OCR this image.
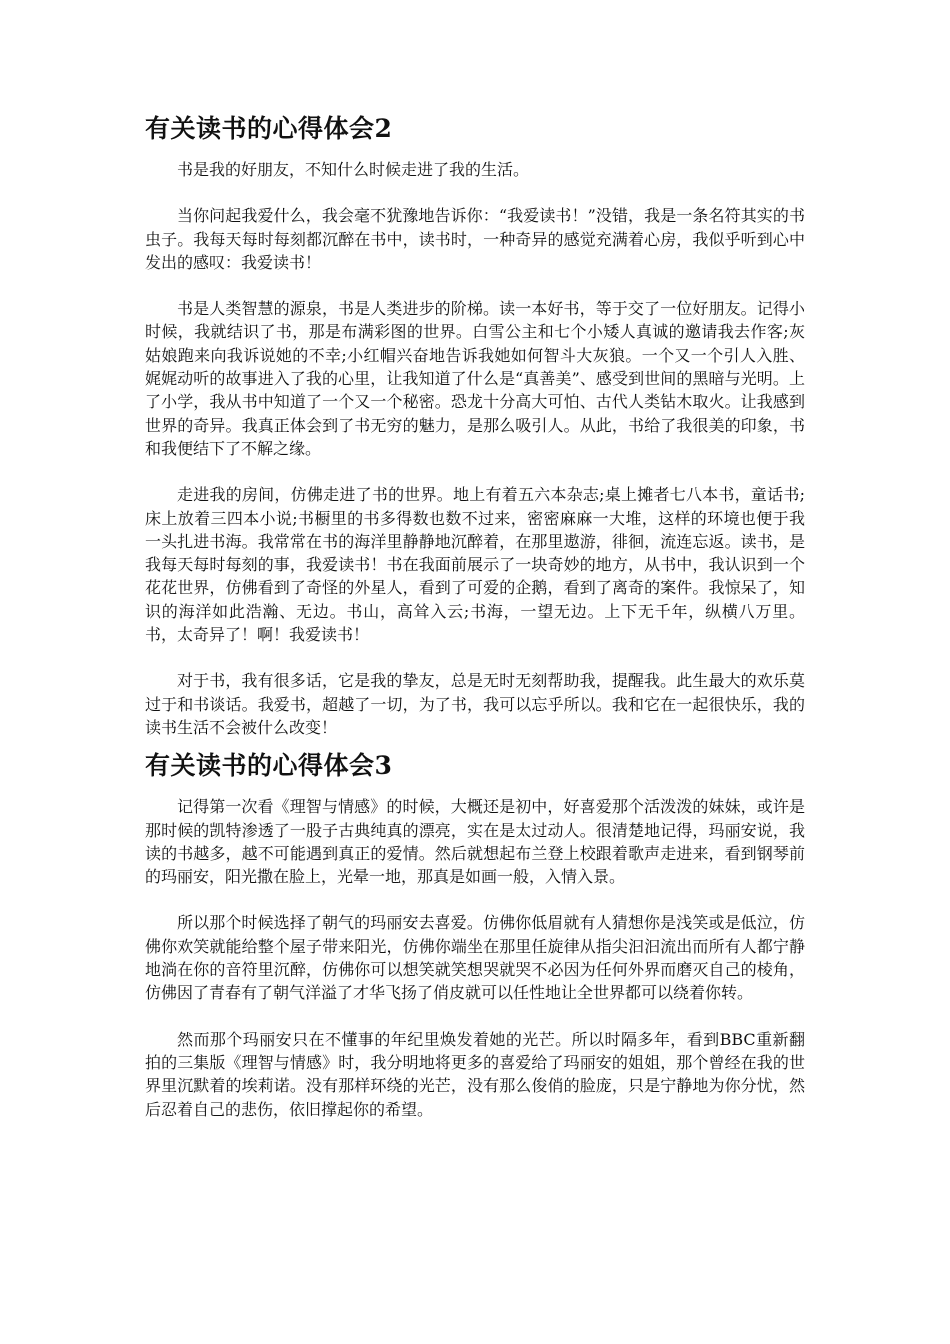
有关读书的心得体会2

书是我的好朋友，不知什么时候走进了我的生活。

当你问起我爱什么，我会毫不犹豫地告诉你：“我爱读书！”没错，我是一条名符其实的书虫子。我每天每时每刻都沉醉在书中，读书时，一种奇异的感觉充满着心房，我似乎听到心中发出的感叹：我爱读书！

书是人类智慧的源泉，书是人类进步的阶梯。读一本好书，等于交了一位好朋友。记得小时候，我就结识了书，那是布满彩图的世界。白雪公主和七个小矮人真诚的邀请我去作客;灰姑娘跑来向我诉说她的不幸;小红帽兴奋地告诉我她如何智斗大灰狼。一个又一个引人入胜、娓娓动听的故事进入了我的心里，让我知道了什么是“真善美”、感受到世间的黑暗与光明。上了小学，我从书中知道了一个又一个秘密。恐龙十分高大可怕、古代人类钻木取火。让我感到世界的奇异。我真正体会到了书无穷的魅力，是那么吸引人。从此，书给了我很美的印象，书和我便结下了不解之缘。

走进我的房间，仿佛走进了书的世界。地上有着五六本杂志;桌上摊者七八本书，童话书;床上放着三四本小说;书橱里的书多得数也数不过来，密密麻麻一大堆，这样的环境也便于我一头扎进书海。我常常在书的海洋里静静地沉醉着，在那里遨游，徘徊，流连忘返。读书，是我每天每时每刻的事，我爱读书！书在我面前展示了一块奇妙的地方，从书中，我认识到一个花花世界，仿佛看到了奇怪的外星人，看到了可爱的企鹅，看到了离奇的案件。我惊呆了，知识的海洋如此浩瀚、无边。书山，高耸入云;书海，一望无边。上下无千年，纵横八万里。书，太奇异了！啊！我爱读书！

对于书，我有很多话，它是我的挚友，总是无时无刻帮助我，提醒我。此生最大的欢乐莫过于和书谈话。我爱书，超越了一切，为了书，我可以忘乎所以。我和它在一起很快乐，我的读书生活不会被什么改变！

有关读书的心得体会3

记得第一次看《理智与情感》的时候，大概还是初中，好喜爱那个活泼泼的妹妹，或许是那时候的凯特渗透了一股子古典纯真的漂亮，实在是太过动人。很清楚地记得，玛丽安说，我读的书越多，越不可能遇到真正的爱情。然后就想起布兰登上校跟着歌声走进来，看到钢琴前的玛丽安，阳光撒在脸上，光晕一地，那真是如画一般，入情入景。

所以那个时候选择了朝气的玛丽安去喜爱。仿佛你低眉就有人猜想你是浅笑或是低泣，仿佛你欢笑就能给整个屋子带来阳光，仿佛你端坐在那里任旋律从指尖汩汩流出而所有人都宁静地淌在你的音符里沉醉，仿佛你可以想笑就笑想哭就哭不必因为任何外界而磨灭自己的棱角，仿佛因了青春有了朝气洋溢了才华飞扬了俏皮就可以任性地让全世界都可以绕着你转。

然而那个玛丽安只在不懂事的年纪里焕发着她的光芒。所以时隔多年，看到BBC重新翻拍的三集版《理智与情感》时，我分明地将更多的喜爱给了玛丽安的姐姐，那个曾经在我的世界里沉默着的埃莉诺。没有那样环绕的光芒，没有那么俊俏的脸庞，只是宁静地为你分忧，然后忍着自己的悲伤，依旧撑起你的希望。
